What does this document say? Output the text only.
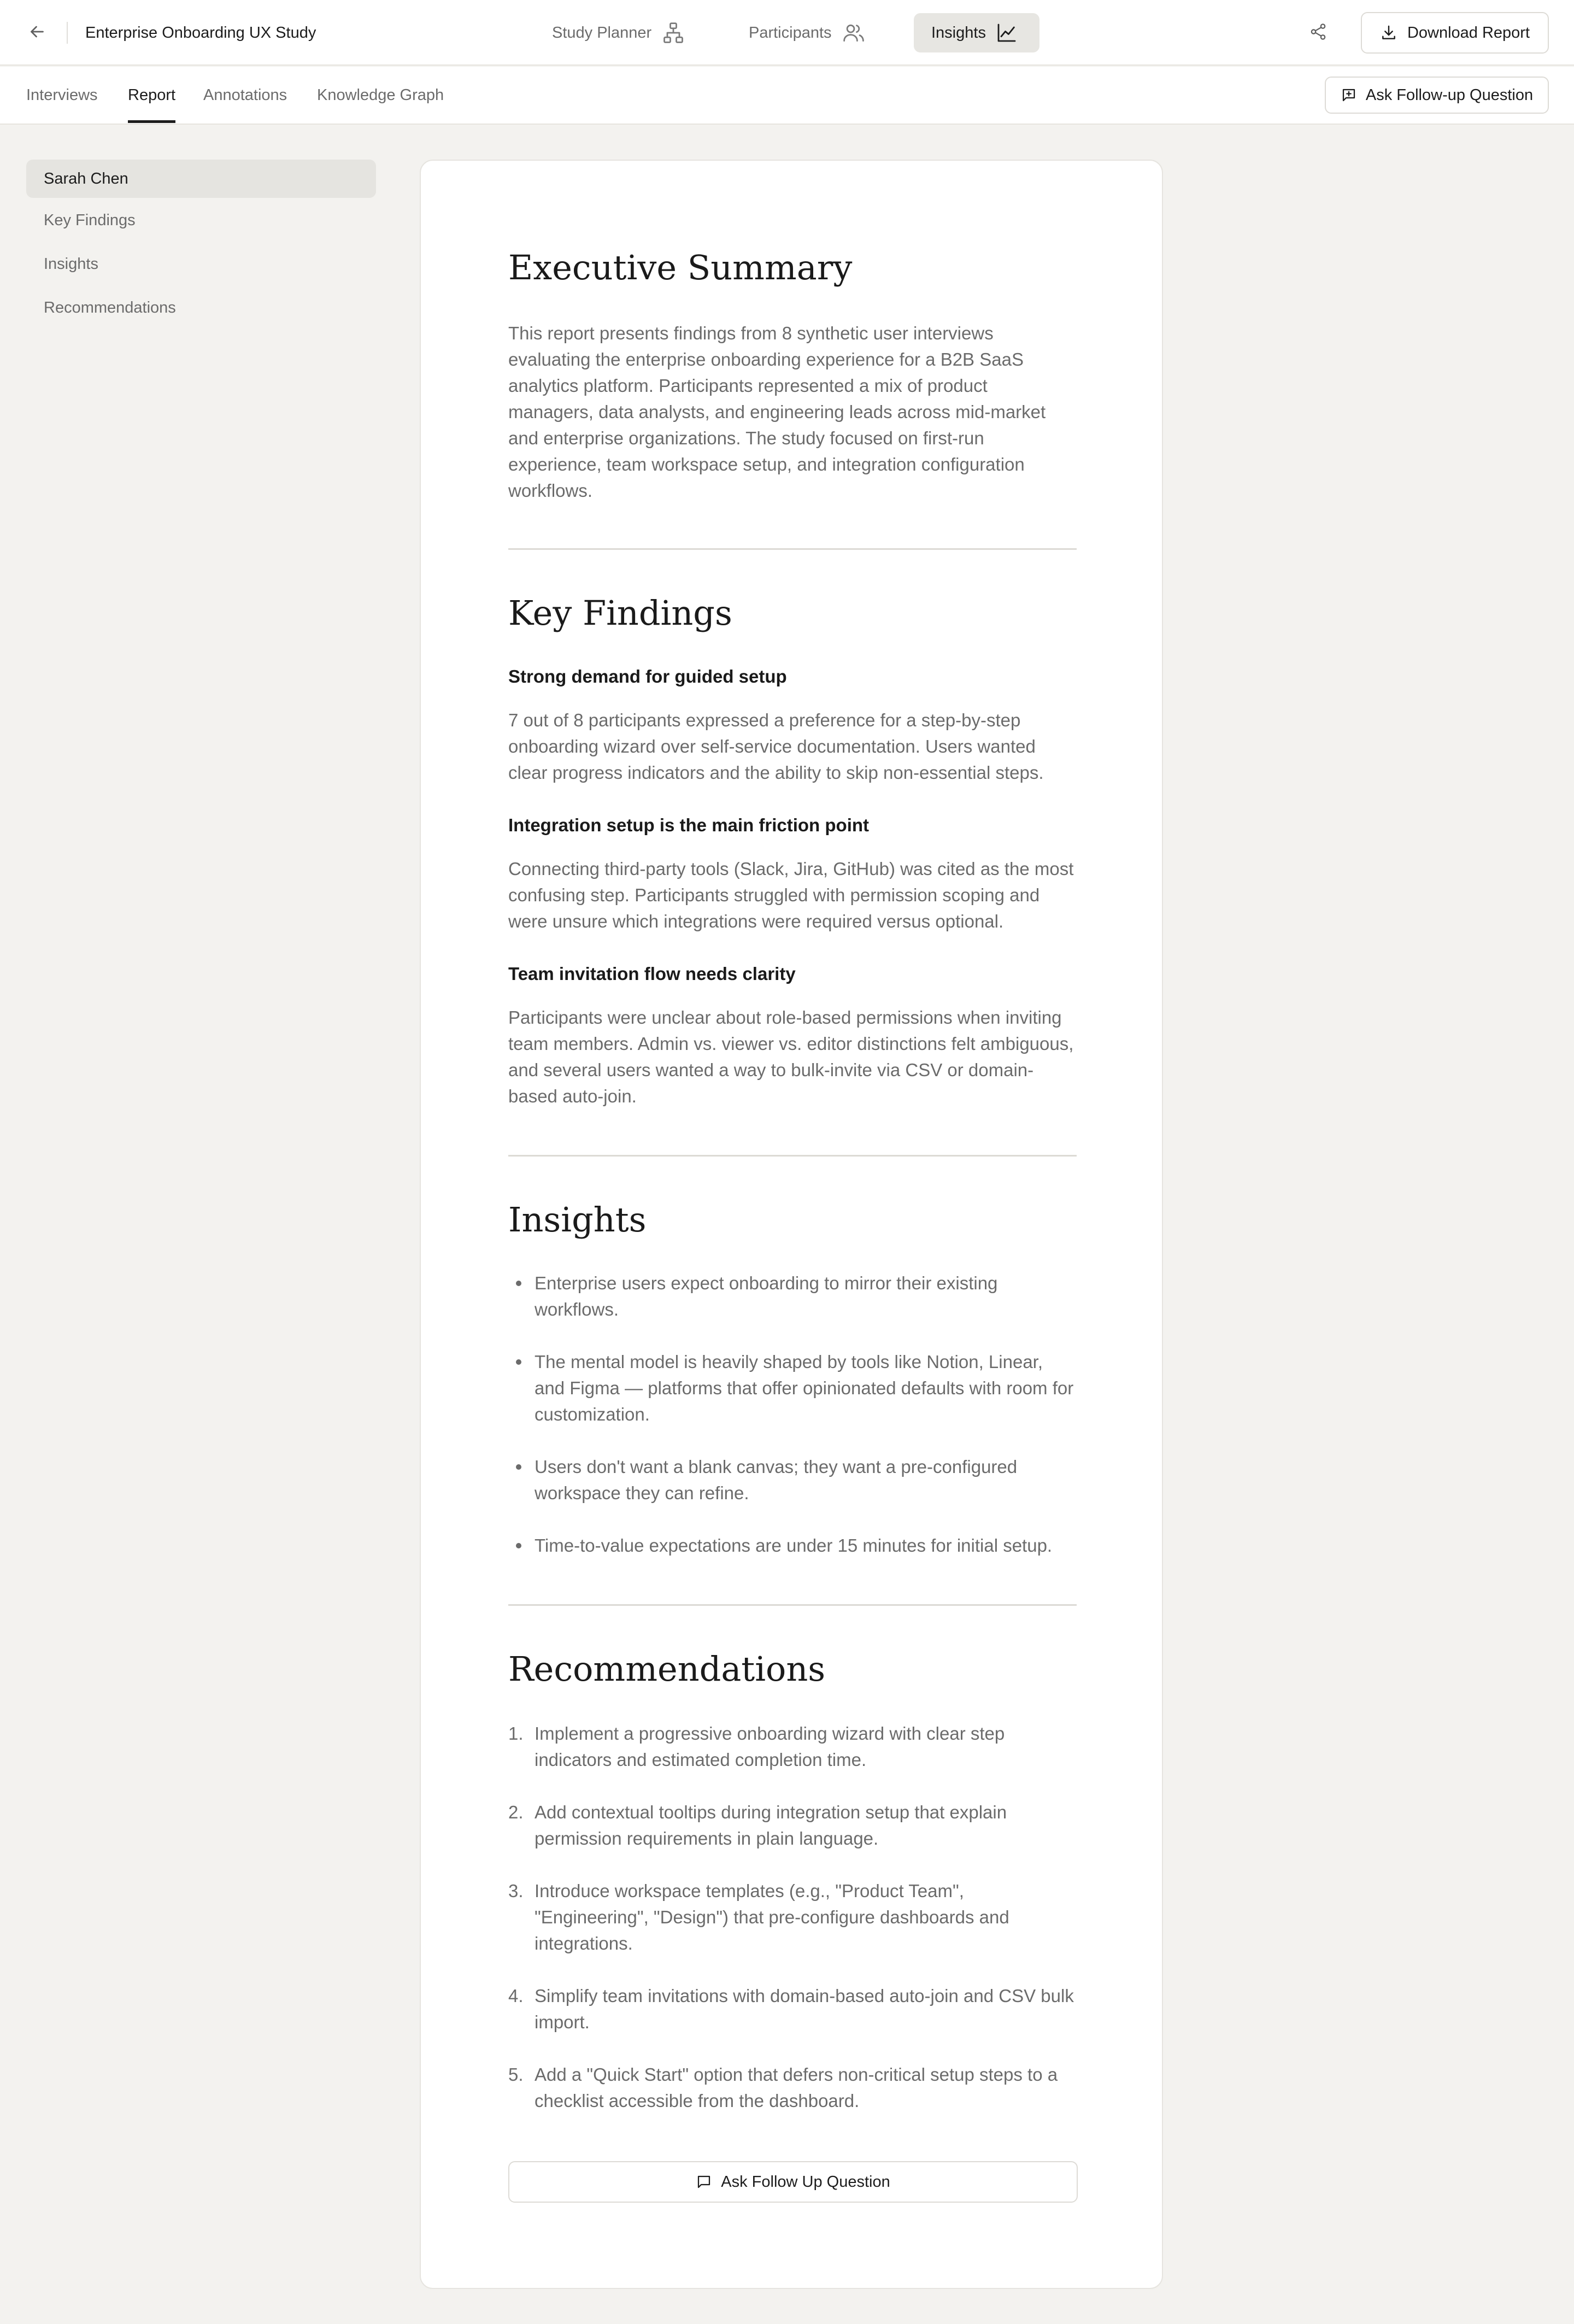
Enterprise Onboarding UX Study	Study Planner	Participants	Insights	Download Report
Interviews Report Annotations Knowledge Graph	Ask Follow-up Question
Sarah Chen
Key Findings
Insights
Recommendations
Executive Summary

This report presents findings from 8 synthetic user interviews evaluating the enterprise onboarding experience for a B2B SaaS analytics platform. Participants represented a mix of product managers, data analysts, and engineering leads across mid-market and enterprise organizations. The study focused on first-run experience, team workspace setup, and integration configuration workflows.

Key Findings
Strong demand for guided setup

7 out of 8 participants expressed a preference for a step-by-step onboarding wizard over self-service documentation. Users wanted clear progress indicators and the ability to skip non-essential steps.

Integration setup is the main friction point

Connecting third-party tools (Slack, Jira, GitHub) was cited as the most confusing step. Participants struggled with permission scoping and were unsure which integrations were required versus optional.

Team invitation flow needs clarity

Participants were unclear about role-based permissions when inviting team members. Admin vs. viewer vs. editor distinctions felt ambiguous, and several users wanted a way to bulk-invite via CSV or domain-based auto-join.

Insights
Enterprise users expect onboarding to mirror their existing workflows.
The mental model is heavily shaped by tools like Notion, Linear, and Figma — platforms that offer opinionated defaults with room for customization.
Users don't want a blank canvas; they want a pre-configured workspace they can refine.
Time-to-value expectations are under 15 minutes for initial setup.
Recommendations
1. Implement a progressive onboarding wizard with clear step indicators and estimated completion time.
2. Add contextual tooltips during integration setup that explain permission requirements in plain language.
3. Introduce workspace templates (e.g., "Product Team", "Engineering", "Design") that pre-configure dashboards and integrations.
4. Simplify team invitations with domain-based auto-join and CSV bulk import.
5. Add a "Quick Start" option that defers non-critical setup steps to a checklist accessible from the dashboard.
Ask Follow Up Question
